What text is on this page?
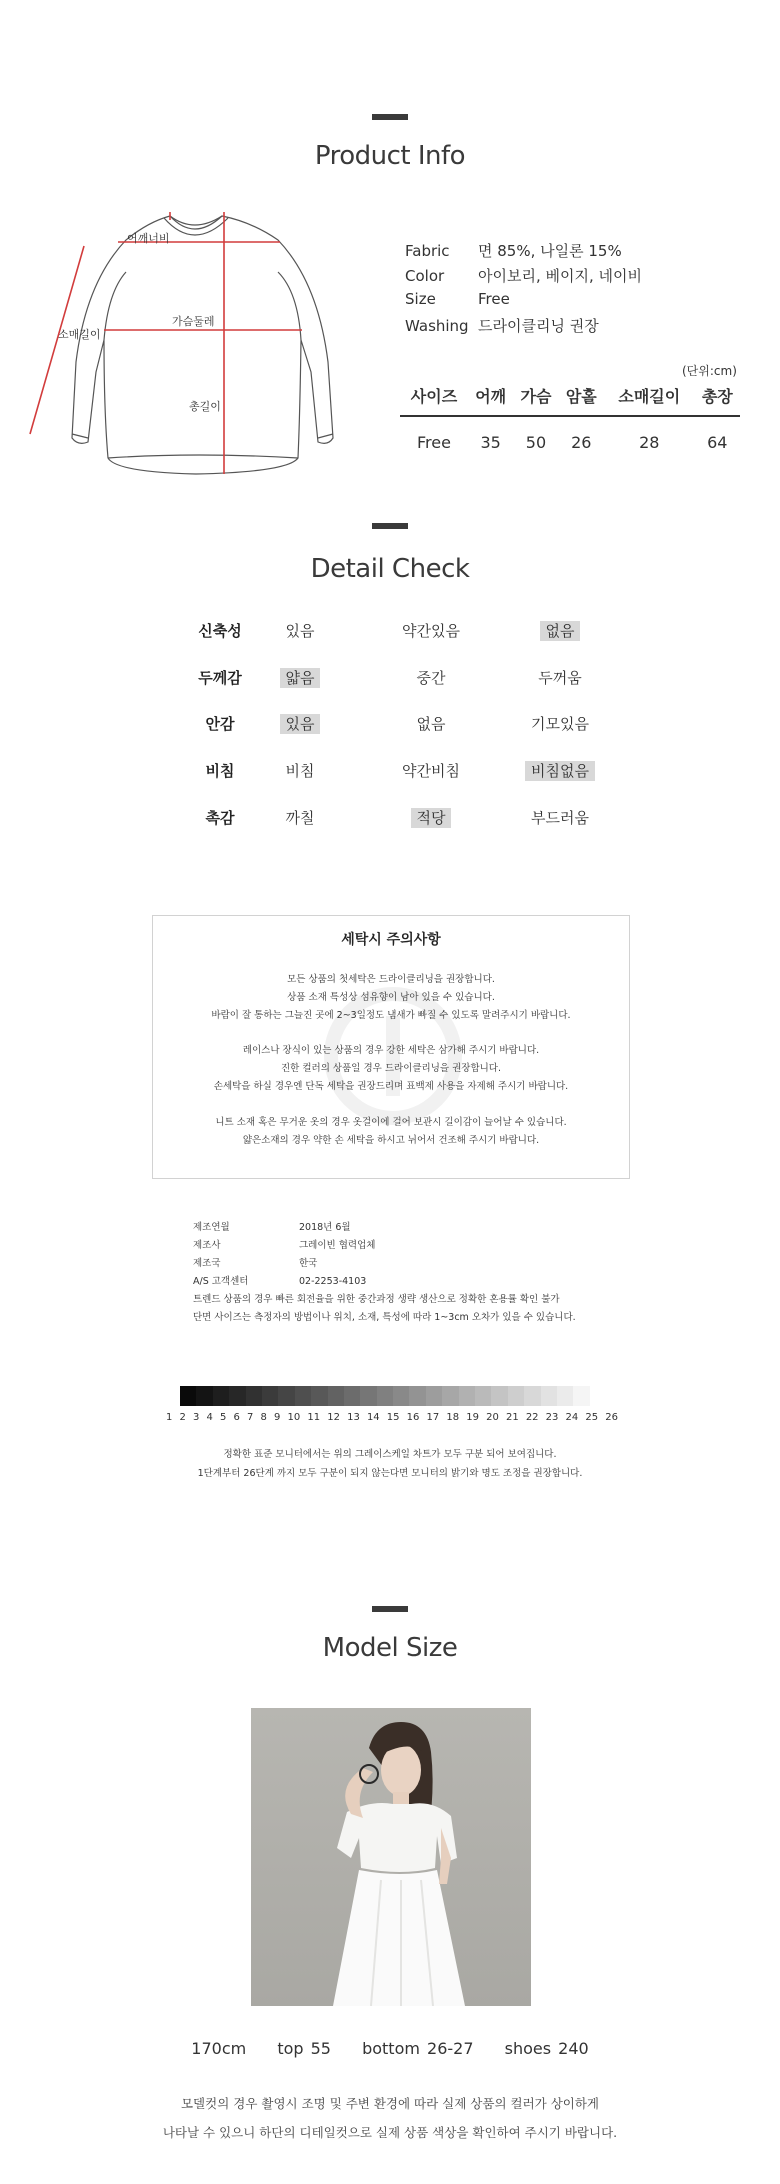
Product Info
어깨너비
소매길이
가슴둘레
총길이
Fabric 면 85%, 나일론 15%
Color 아이보리, 베이지, 네이비
Size	Free
Washing 드라이클리닝 권장
(단위:cm)
사이즈	어깨	가슴	암홀	소매길이	총장
Free	35	50	26	28	64
Detail Check
신축성	있음	약간있음	없음
두께감	얇음	중간	두꺼움
안감	있음	없음	기모있음
비침	비침	약간비침	비침없음
촉감	까칠	적당	부드러움
세탁시 주의사항
모든 상품의 첫세탁은 드라이클리닝을 권장합니다.
상품 소재 특성상 섬유향이 남아 있을 수 있습니다.
바람이 잘 통하는 그늘진 곳에 2~3일정도 냄새가 빠질 수 있도록 말려주시기 바랍니다.
레이스나 장식이 있는 상품의 경우 강한 세탁은 삼가해 주시기 바랍니다.
진한 컬러의 상품일 경우 드라이클리닝을 권장합니다.
손세탁을 하실 경우엔 단독 세탁을 권장드리며 표백제 사용을 자제해 주시기 바랍니다.
니트 소재 혹은 무거운 옷의 경우 옷걸이에 걸어 보관시 길이감이 늘어날 수 있습니다.
얇은소재의 경우 약한 손 세탁을 하시고 뉘어서 건조해 주시기 바랍니다.
제조연월	2018년 6월
제조사	그레이빈 협력업체
제조국	한국
A/S 고객센터	02-2253-4103
트렌드 상품의 경우 빠른 회전율을 위한 중간과정 생략 생산으로 정확한 혼용률 확인 불가
단면 사이즈는 측정자의 방법이나 위치, 소재, 특성에 따라 1~3cm 오차가 있을 수 있습니다.
1 2 3 4 5 6 7 8 9 10 11 12 13 14 15 16 17 18 19 20 21 22 23 24 25 26
정확한 표준 모니터에서는 위의 그레이스케일 차트가 모두 구분 되어 보여집니다.
1단계부터 26단계 까지 모두 구분이 되지 않는다면 모니터의 밝기와 명도 조정을 권장합니다.
Model Size
170cm top 55 bottom 26-27 shoes 240
모델컷의 경우 촬영시 조명 및 주변 환경에 따라 실제 상품의 컬러가 상이하게
나타날 수 있으니 하단의 디테일컷으로 실제 상품 색상을 확인하여 주시기 바랍니다.
